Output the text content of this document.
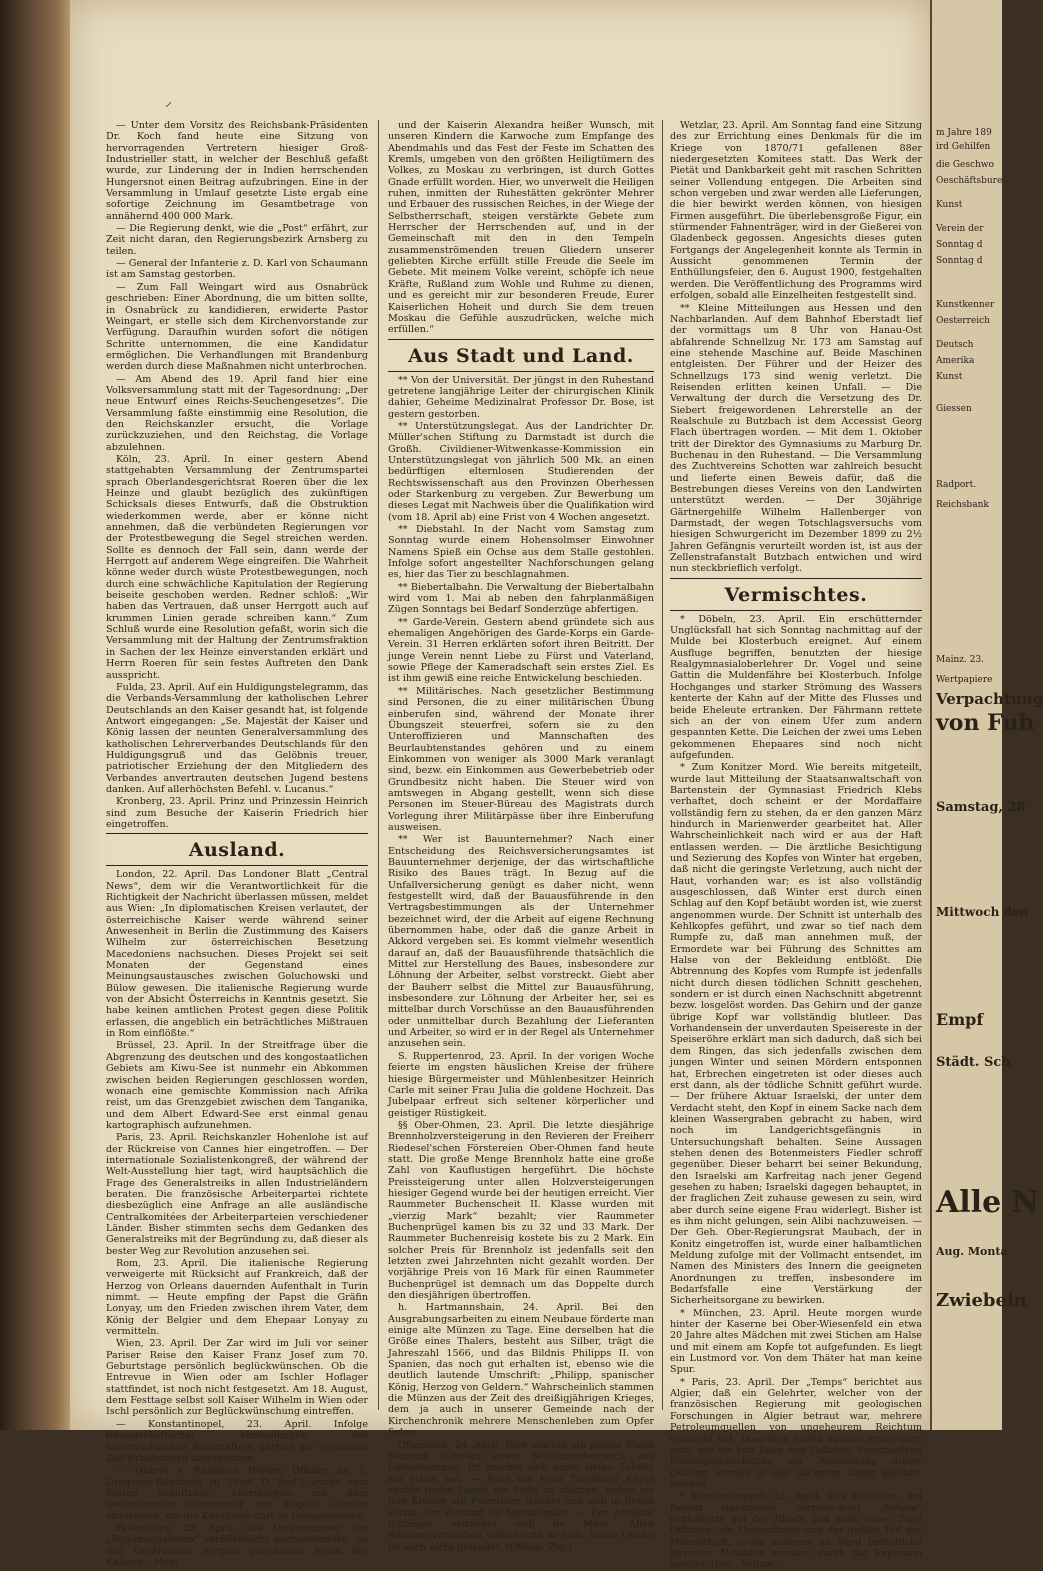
⸍

— Unter dem Vorsitz des Reichsbank-Präsidenten Dr. Koch fand heute eine Sitzung von hervorragenden Vertretern hiesiger Groß-Industrieller statt, in welcher der Beschluß gefaßt wurde, zur Linderung der in Indien herrschenden Hungersnot einen Beitrag aufzubringen. Eine in der Versammlung in Umlauf gesetzte Liste ergab eine sofortige Zeichnung im Gesamtbetrage von annähernd 400 000 Mark.

— Die Regierung denkt, wie die „Post“ erfährt, zur Zeit nicht daran, den Regierungsbezirk Arnsberg zu teilen.

— General der Infanterie z. D. Karl von Schaumann ist am Samstag gestorben.

— Zum Fall Weingart wird aus Osnabrück geschrieben: Einer Abordnung, die um bitten sollte, in Osnabrück zu kandidieren, erwiderte Pastor Weingart, er stelle sich dem Kirchenvorstande zur Verfügung. Daraufhin wurden sofort die nötigen Schritte unternommen, die eine Kandidatur ermöglichen. Die Verhandlungen mit Brandenburg werden durch diese Maßnahmen nicht unterbrochen.

— Am Abend des 19. April fand hier eine Volksversammlung statt mit der Tagesordnung: „Der neue Entwurf eines Reichs-Seuchengesetzes“. Die Versammlung faßte einstimmig eine Resolution, die den Reichskanzler ersucht, die Vorlage zurückzuziehen, und den Reichstag, die Vorlage abzulehnen.

Köln, 23. April. In einer gestern Abend stattgehabten Versammlung der Zentrumspartei sprach Oberlandesgerichtsrat Roeren über die lex Heinze und glaubt bezüglich des zukünftigen Schicksals dieses Entwurfs, daß die Obstruktion wiederkommen werde, aber er könne nicht annehmen, daß die verbündeten Regierungen vor der Protestbewegung die Segel streichen werden. Sollte es dennoch der Fall sein, dann werde der Herrgott auf anderem Wege eingreifen. Die Wahrheit könne weder durch wüste Protestbewegungen, noch durch eine schwächliche Kapitulation der Regierung beiseite geschoben werden. Redner schloß: „Wir haben das Vertrauen, daß unser Herrgott auch auf krummen Linien gerade schreiben kann.“ Zum Schluß wurde eine Resolution gefaßt, worin sich die Versammlung mit der Haltung der Zentrumsfraktion in Sachen der lex Heinze einverstanden erklärt und Herrn Roeren für sein festes Auftreten den Dank ausspricht.

Fulda, 23. April. Auf ein Huldigungstelegramm, das die Verbands-Versammlung der katholischen Lehrer Deutschlands an den Kaiser gesandt hat, ist folgende Antwort eingegangen: „Se. Majestät der Kaiser und König lassen der neunten Generalversammlung des katholischen Lehrerverbandes Deutschlands für den Huldigungsgruß und das Gelöbnis treuer, patriotischer Erziehung der den Mitgliedern des Verbandes anvertrauten deutschen Jugend bestens danken. Auf allerhöchsten Befehl. v. Lucanus.“

Kronberg, 23. April. Prinz und Prinzessin Heinrich sind zum Besuche der Kaiserin Friedrich hier eingetroffen.

Ausland.

London, 22. April. Das Londoner Blatt „Central News“, dem wir die Verantwortlichkeit für die Richtigkeit der Nachricht überlassen müssen, meldet aus Wien: „In diplomatischen Kreisen verlautet, der österreichische Kaiser werde während seiner Anwesenheit in Berlin die Zustimmung des Kaisers Wilhelm zur österreichischen Besetzung Macedoniens nachsuchen. Dieses Projekt sei seit Monaten der Gegenstand eines Meinungsaustausches zwischen Goluchowski und Bülow gewesen. Die italienische Regierung wurde von der Absicht Österreichs in Kenntnis gesetzt. Sie habe keinen amtlichen Protest gegen diese Politik erlassen, die angeblich ein beträchtliches Mißtrauen in Rom einflößte.“

Brüssel, 23. April. In der Streitfrage über die Abgrenzung des deutschen und des kongostaatlichen Gebiets am Kiwu-See ist nunmehr ein Abkommen zwischen beiden Regierungen geschlossen worden, wonach eine gemischte Kommission nach Afrika reist, um das Grenzgebiet zwischen dem Tanganika, und dem Albert Edward-See erst einmal genau kartographisch aufzunehmen.

Paris, 23. April. Reichskanzler Hohenlohe ist auf der Rückreise von Cannes hier eingetroffen. — Der internationale Sozialistenkongreß, der während der Welt-Ausstellung hier tagt, wird hauptsächlich die Frage des Generalstreiks in allen Industrieländern beraten. Die französische Arbeiterpartei richtete diesbezüglich eine Anfrage an alle ausländische Centralkomitées der Arbeiterparteien verschiedener Länder. Bisher stimmten sechs dem Gedanken des Generalstreiks mit der Begründung zu, daß dieser als bester Weg zur Revolution anzusehen sei.

Rom, 23. April. Die italienische Regierung verweigerte mit Rücksicht auf Frankreich, daß der Herzog von Orleans dauernden Aufenthalt in Turin nimmt. — Heute empfing der Papst die Gräfin Lonyay, um den Frieden zwischen ihrem Vater, dem König der Belgier und dem Ehepaar Lonyay zu vermitteln.

Wien, 23. April. Der Zar wird im Juli vor seiner Pariser Reise den Kaiser Franz Josef zum 70. Geburtstage persönlich beglückwünschen. Ob die Entrevue in Wien oder am Ischler Hoflager stattfindet, ist noch nicht festgesetzt. Am 18. August, dem Festtage selbst soll Kaiser Wilhelm in Wien oder Ischl persönlich zur Beglückwünschung eintreffen.

— Konstantinopel, 23. April. Infolge freundschaftlicher Vorstellungen des österreichischen Botschafters dürften die geplanten Zoll-Erhöhungen unterbleiben.

— Oberst v. Rüdgisch (bisher Offizier im 1. Dragoner-Regiment zu Tilsit. D. Red.) wurde vom Sultan beauftragt, übermorgen mit dem neuernannten Gouverneur von Tripolis dorthin abzureisen, um die Kavallerie dort zu reorganisieren.

Petersburg, 23. April. Die Osternummer des „Regierungsboten“ veröffentlicht nachstehenden, an den Großfürsten Sergius gerichteten Erlaß des Kaisers: „Mein

und der Kaiserin Alexandra heißer Wunsch, mit unseren Kindern die Karwoche zum Empfange des Abendmahls und das Fest der Feste im Schatten des Kremls, umgeben von den größten Heiligtümern des Volkes, zu Moskau zu verbringen, ist durch Gottes Gnade erfüllt worden. Hier, wo unverwelt die Heiligen ruhen, inmitten der Ruhestätten gekrönter Mehrer und Erbauer des russischen Reiches, in der Wiege der Selbstherrschaft, steigen verstärkte Gebete zum Herrscher der Herrschenden auf, und in der Gemeinschaft mit den in den Tempeln zusammenströmenden treuen Gliedern unserer geliebten Kirche erfüllt stille Freude die Seele im Gebete. Mit meinem Volke vereint, schöpfe ich neue Kräfte, Rußland zum Wohle und Ruhme zu dienen, und es gereicht mir zur besonderen Freude, Eurer Kaiserlichen Hoheit und durch Sie dem treuen Moskau die Gefühle auszudrücken, welche mich erfüllen.“

Aus Stadt und Land.

** Von der Universität. Der jüngst in den Ruhestand getretene langjährige Leiter der chirurgischen Klinik dahier, Geheime Medizinalrat Professor Dr. Bose, ist gestern gestorben.

** Unterstützungslegat. Aus der Landrichter Dr. Müller'schen Stiftung zu Darmstadt ist durch die Großh. Civildiener-Witwenkasse-Kommission ein Unterstützungslegat von jährlich 500 Mk. an einen bedürftigen elternlosen Studierenden der Rechtswissenschaft aus den Provinzen Oberhessen oder Starkenburg zu vergeben. Zur Bewerbung um dieses Legat mit Nachweis über die Qualifikation wird (vom 18. April ab) eine Frist von 4 Wochen angesetzt.

** Diebstahl. In der Nacht vom Samstag zum Sonntag wurde einem Hohensolmser Einwohner Namens Spieß ein Ochse aus dem Stalle gestohlen. Infolge sofort angestellter Nachforschungen gelang es, hier das Tier zu beschlagnahmen.

** Biebertalbahn. Die Verwaltung der Biebertalbahn wird vom 1. Mai ab neben den fahrplanmäßigen Zügen Sonntags bei Bedarf Sonderzüge abfertigen.

** Garde-Verein. Gestern abend gründete sich aus ehemaligen Angehörigen des Garde-Korps ein Garde-Verein. 31 Herren erklärten sofort ihren Beitritt. Der junge Verein nennt Liebe zu Fürst und Vaterland, sowie Pflege der Kameradschaft sein erstes Ziel. Es ist ihm gewiß eine reiche Entwickelung beschieden.

** Militärisches. Nach gesetzlicher Bestimmung sind Personen, die zu einer militärischen Übung einberufen sind, während der Monate ihrer Übungszeit steuerfrei, sofern sie zu den Unteroffizieren und Mannschaften des Beurlaubtenstandes gehören und zu einem Einkommen von weniger als 3000 Mark veranlagt sind, bezw. ein Einkommen aus Gewerbebetrieb oder Grundbesitz nicht haben. Die Steuer wird von amtswegen in Abgang gestellt, wenn sich diese Personen im Steuer-Büreau des Magistrats durch Vorlegung ihrer Militärpässe über ihre Einberufung ausweisen.

** Wer ist Bauunternehmer? Nach einer Entscheidung des Reichsversicherungsamtes ist Bauunternehmer derjenige, der das wirtschaftliche Risiko des Baues trägt. In Bezug auf die Unfallversicherung genügt es daher nicht, wenn festgestellt wird, daß der Bauausführende in den Vertragsbestimmungen als der Unternehmer bezeichnet wird, der die Arbeit auf eigene Rechnung übernommen habe, oder daß die ganze Arbeit in Akkord vergeben sei. Es kommt vielmehr wesentlich darauf an, daß der Bauausführende thatsächlich die Mittel zur Herstellung des Baues, insbesondere zur Löhnung der Arbeiter, selbst vorstreckt. Giebt aber der Bauherr selbst die Mittel zur Bauausführung, insbesondere zur Löhnung der Arbeiter her, sei es mittelbar durch Vorschüsse an den Bauausführenden oder unmittelbar durch Bezahlung der Lieferanten und Arbeiter, so wird er in der Regel als Unternehmer anzusehen sein.

S. Ruppertenrod, 23. April. In der vorigen Woche feierte im engsten häuslichen Kreise der frühere hiesige Bürgermeister und Mühlenbesitzer Heinrich Carle mit seiner Frau Julia die goldene Hochzeit. Das Jubelpaar erfreut sich seltener körperlicher und geistiger Rüstigkeit.

§§ Ober-Ohmen, 23. April. Die letzte diesjährige Brennholzversteigerung in den Revieren der Freiherr Riedesel'schen Förstereien Ober-Ohmen fand heute statt. Die große Menge Brennholz hatte eine große Zahl von Kauflustigen hergeführt. Die höchste Preissteigerung unter allen Holzversteigerungen hiesiger Gegend wurde bei der heutigen erreicht. Vier Raummeter Buchenscheit II. Klasse wurden mit „vierzig Mark“ bezahlt; vier Raummeter Buchenprügel kamen bis zu 32 und 33 Mark. Der Raummeter Buchenreisig kostete bis zu 2 Mark. Ein solcher Preis für Brennholz ist jedenfalls seit den letzten zwei Jahrzehnten nicht gezahlt worden. Der vorjährige Preis von 16 Mark für einen Raummeter Buchenprügel ist demnach um das Doppelte durch den diesjährigen übertroffen.

h. Hartmannshain, 24. April. Bei den Ausgrabungsarbeiten zu einem Neubaue förderte man einige alte Münzen zu Tage. Eine derselben hat die Größe eines Thalers, besteht aus Silber, trägt die Jahreszahl 1566, und das Bildnis Philipps II. von Spanien, das noch gut erhalten ist, ebenso wie die deutlich lautende Umschrift: „Philipp, spanischer König, Herzog von Geldern.“ Wahrscheinlich stammen die Münzen aus der Zeit des dreißigjährigen Krieges, dem ja auch in unserer Gemeinde nach der Kirchenchronik mehrere Menschenleben zum Opfer fielen.

Offenbach, 24. April. Hier machte ein junger Mann Namens Schwarz einen Selbstmordversuch aus Liebeskummer. Er brachte sich einen tiefen Schnitt am Halse bei. — Auch die Frau Taglöhner Küpel suchte ihrem Leben ein Ende zu machen, indem sie ihre Kleider mit Petroleum tränkte und sich in Brand setzte. Ihr Zustand ist hoffnungslos. — Der Arbeiter Ritzinger ertränkte sich im Main. Allen Rettungsversuchen widersetzte er sich. Seine Leiche ist noch nicht geländet. (Offenb. Ztg.)

Wetzlar, 23. April. Am Sonntag fand eine Sitzung des zur Errichtung eines Denkmals für die im Kriege von 1870/71 gefallenen 88er niedergesetzten Komitees statt. Das Werk der Pietät und Dankbarkeit geht mit raschen Schritten seiner Vollendung entgegen. Die Arbeiten sind schon vergeben und zwar werden alle Lieferungen, die hier bewirkt werden können, von hiesigen Firmen ausgeführt. Die überlebensgroße Figur, ein stürmender Fahnenträger, wird in der Gießerei von Gladenbeck gegossen. Angesichts dieses guten Fortgangs der Angelegenheit konnte als Termin in Aussicht genommenen Termin der Enthüllungsfeier, den 6. August 1900, festgehalten werden. Die Veröffentlichung des Programms wird erfolgen, sobald alle Einzelheiten festgestellt sind.

** Kleine Mitteilungen aus Hessen und den Nachbarlanden. Auf dem Bahnhof Eberstadt lief der vormittags um 8 Uhr von Hanau-Ost abfahrende Schnellzug Nr. 173 am Samstag auf eine stehende Maschine auf. Beide Maschinen entgleisten. Der Führer und der Heizer des Schnellzugs 173 sind wenig verletzt. Die Reisenden erlitten keinen Unfall. — Die Verwaltung der durch die Versetzung des Dr. Siebert freigewordenen Lehrerstelle an der Realschule zu Butzbach ist dem Accessist Georg Flach übertragen worden. — Mit dem 1. Oktober tritt der Direktor des Gymnasiums zu Marburg Dr. Buchenau in den Ruhestand. — Die Versammlung des Zuchtvereins Schotten war zahlreich besucht und lieferte einen Beweis dafür, daß die Bestrebungen dieses Vereins von den Landwirten unterstützt werden. — Der 30jährige Gärtnergehilfe Wilhelm Hallenberger von Darmstadt, der wegen Totschlagsversuchs vom hiesigen Schwurgericht im Dezember 1899 zu 2½ Jahren Gefängnis verurteilt worden ist, ist aus der Zellenstrafanstalt Butzbach entwichen und wird nun steckbrieflich verfolgt.

Vermischtes.

* Döbeln, 23. April. Ein erschütternder Unglücksfall hat sich Sonntag nachmittag auf der Mulde bei Klosterbuch ereignet. Auf einem Ausfluge begriffen, benutzten der hiesige Realgymnasialoberlehrer Dr. Vogel und seine Gattin die Muldenfähre bei Klosterbuch. Infolge Hochganges und starker Strömung des Wassers kenterte der Kahn auf der Mitte des Flusses und beide Eheleute ertranken. Der Fährmann rettete sich an der von einem Ufer zum andern gespannten Kette. Die Leichen der zwei ums Leben gekommenen Ehepaares sind noch nicht aufgefunden.

* Zum Konitzer Mord. Wie bereits mitgeteilt, wurde laut Mitteilung der Staatsanwaltschaft von Bartenstein der Gymnasiast Friedrich Klebs verhaftet, doch scheint er der Mordaffaire vollständig fern zu stehen, da er den ganzen März hindurch in Marienwerder gearbeitet hat. Aller Wahrscheinlichkeit nach wird er aus der Haft entlassen werden. — Die ärztliche Besichtigung und Sezierung des Kopfes von Winter hat ergeben, daß nicht die geringste Verletzung, auch nicht der Haut, vorhanden war; es ist also vollständig ausgeschlossen, daß Winter erst durch einen Schlag auf den Kopf betäubt worden ist, wie zuerst angenommen wurde. Der Schnitt ist unterhalb des Kehlkopfes geführt, und zwar so tief nach dem Rumpfe zu, daß man annehmen muß, der Ermordete war bei Führung des Schnittes am Halse von der Bekleidung entblößt. Die Abtrennung des Kopfes vom Rumpfe ist jedenfalls nicht durch diesen tödlichen Schnitt geschehen, sondern er ist durch einen Nachschnitt abgetrennt bezw. losgelöst worden. Das Gehirn und der ganze übrige Kopf war vollständig blutleer. Das Vorhandensein der unverdauten Speisereste in der Speiseröhre erklärt man sich dadurch, daß sich bei dem Ringen, das sich jedenfalls zwischen dem jungen Winter und seinen Mördern entsponnen hat, Erbrechen eingetreten ist oder dieses auch erst dann, als der tödliche Schnitt geführt wurde. — Der frühere Aktuar Israelski, der unter dem Verdacht steht, den Kopf in einem Sacke nach dem kleinen Wassergraben gebracht zu haben, wird noch im Landgerichtsgefängnis in Untersuchungshaft behalten. Seine Aussagen stehen denen des Botenmeisters Fiedler schroff gegenüber. Dieser beharrt bei seiner Bekundung, den Israelski am Karfreitag nach jener Gegend gesehen zu haben; Israelski dagegen behauptet, in der fraglichen Zeit zuhause gewesen zu sein, wird aber durch seine eigene Frau widerlegt. Bisher ist es ihm nicht gelungen, sein Alibi nachzuweisen. — Der Geh. Ober-Regierungsrat Maubach, der in Konitz eingetroffen ist, wurde einer halbamtlichen Meldung zufolge mit der Vollmacht entsendet, im Namen des Ministers des Innern die geeigneten Anordnungen zu treffen, insbesondere im Bedarfsfalle eine Verstärkung der Sicherheitsorgane zu bewirken.

* München, 23. April. Heute morgen wurde hinter der Kaserne bei Ober-Wiesenfeld ein etwa 20 Jahre altes Mädchen mit zwei Stichen am Halse und mit einem am Kopfe tot aufgefunden. Es liegt ein Lustmord vor. Von dem Thäter hat man keine Spur.

* Paris, 23. April. Der „Temps“ berichtet aus Algier, daß ein Gelehrter, welcher von der französischen Regierung mit geologischen Forschungen in Algier betraut war, mehrere Petroleumquellen von ungeheurem Reichtum entdeckt hat. Dieselben sollen ebenso ertragreich sein, wie die von Baku und Galizien. Verschiedene Finanzgesellschaften zur Ausbeutung dieser Quellen werden in den nächsten Tagen gebildet werden.

* Konstantinopel, 23. April. Das türkische, bei Beyrut stationierte Torpedo-Boot „Seham“ explodierte auf der Rhede und sank unter. Zwei Offiziere, ein Unteroffizier und der größte Teil der Mannschaft, sowie mehrere an Bord befindliche Beyruter Notablen wurden durch die Explosion getötet. (Der „Seham“

m Jahre 189
ird Gehilfen
die Geschwo
Oeschäftsbure
Kunst
Verein der
Sonntag d
Sonntag d
Kunstkenner
Oesterreich
Deutsch
Amerika
Kunst
Giessen
Radport.
Reichsbank
Mainz. 23.
Wertpapiere
Verpachtung
von Fuh
Samstag, 28
Mittwoch den
Empf
Städt. Sch
Alle N
Aug. Monta
Zwiebeln
